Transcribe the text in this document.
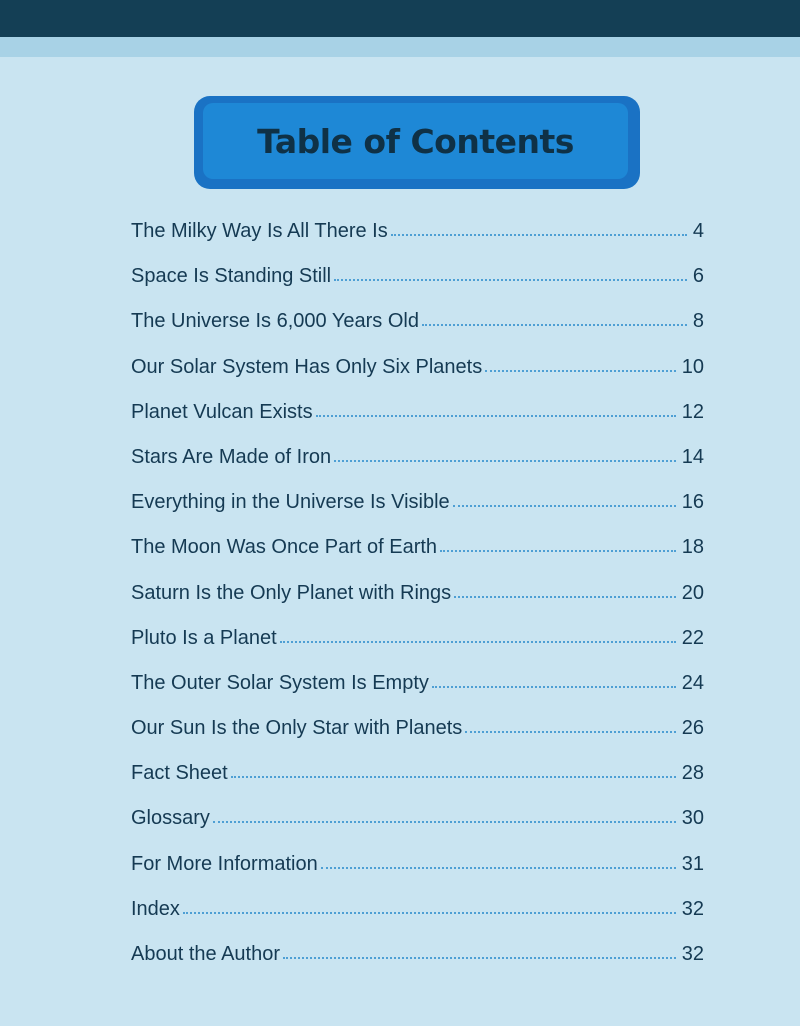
Table of Contents
The Milky Way Is All There Is	4
Space Is Standing Still	6
The Universe Is 6,000 Years Old	8
Our Solar System Has Only Six Planets	10
Planet Vulcan Exists	12
Stars Are Made of Iron	14
Everything in the Universe Is Visible	16
The Moon Was Once Part of Earth	18
Saturn Is the Only Planet with Rings	20
Pluto Is a Planet	22
The Outer Solar System Is Empty	24
Our Sun Is the Only Star with Planets	26
Fact Sheet	28
Glossary	30
For More Information	31
Index	32
About the Author	32
